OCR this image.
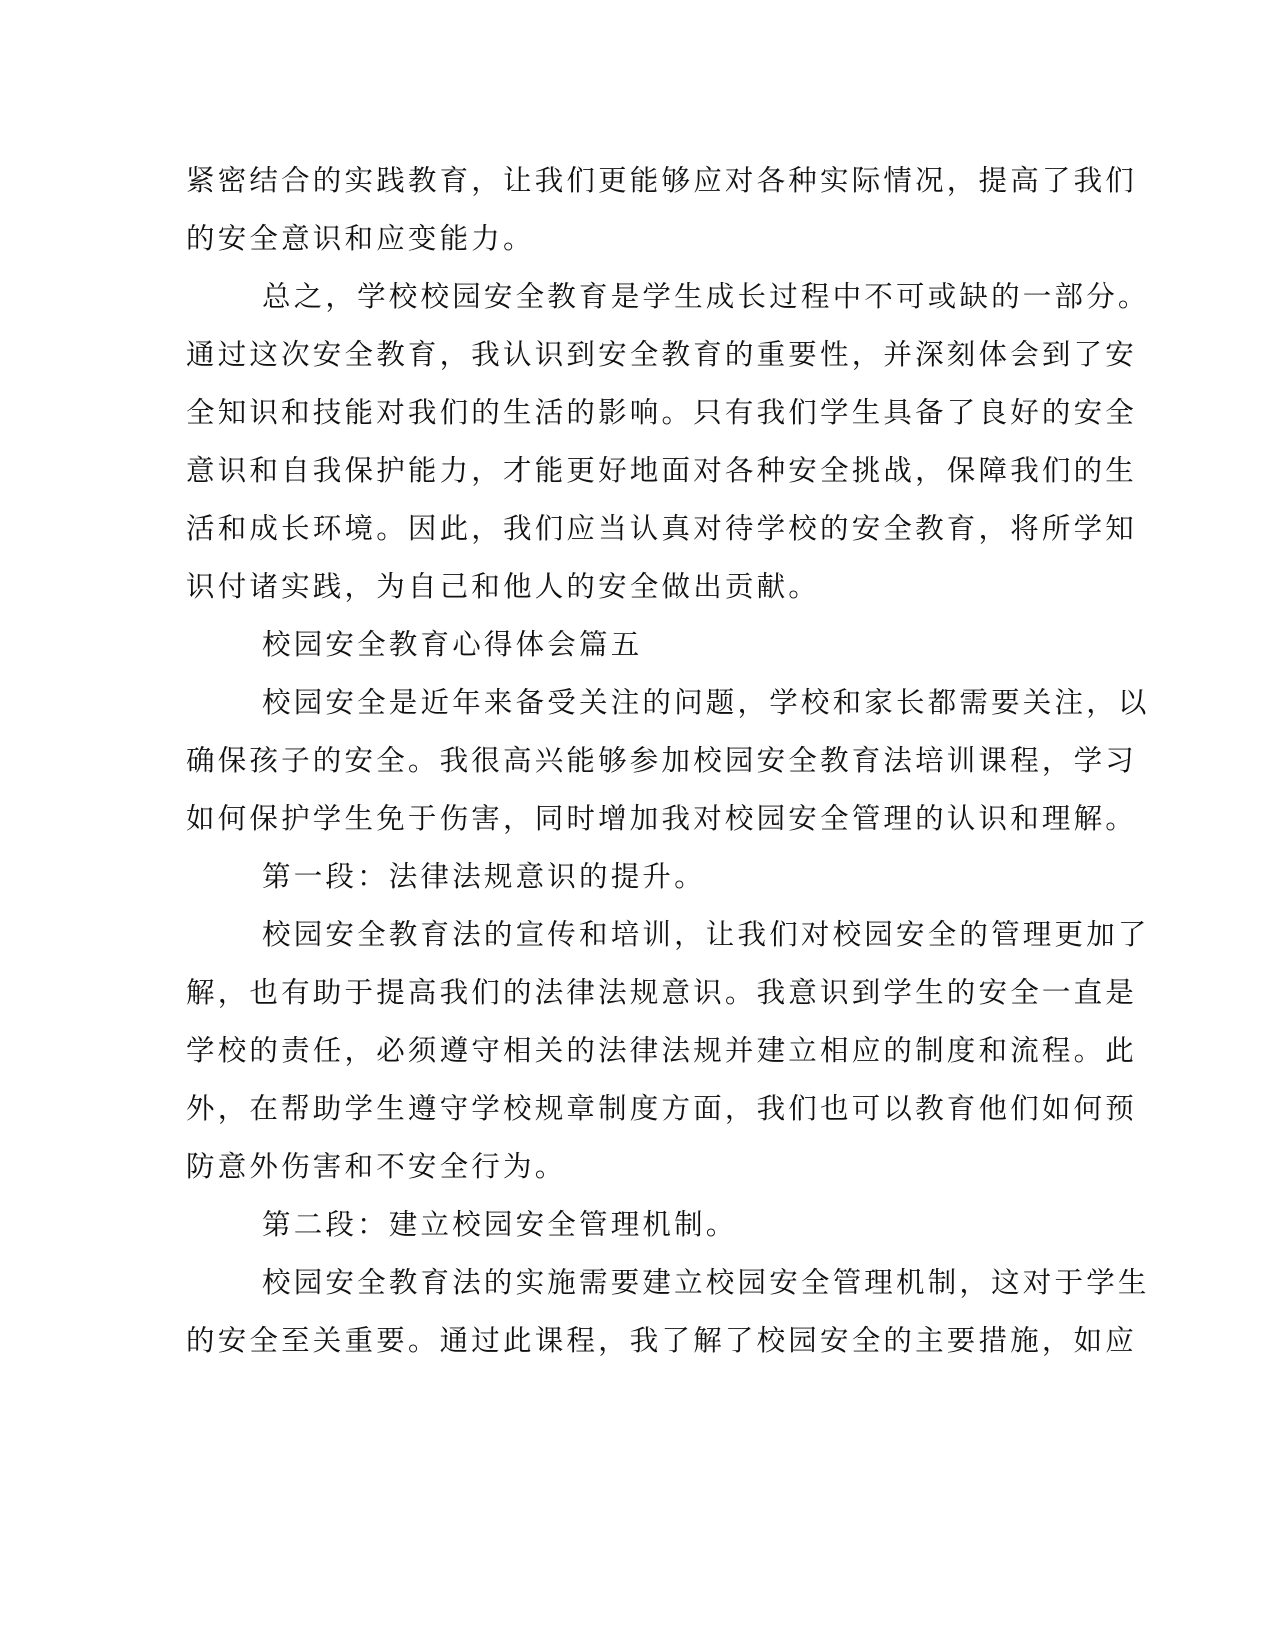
紧密结合的实践教育，让我们更能够应对各种实际情况，提高了我们
的安全意识和应变能力。
总之，学校校园安全教育是学生成长过程中不可或缺的一部分。
通过这次安全教育，我认识到安全教育的重要性，并深刻体会到了安
全知识和技能对我们的生活的影响。只有我们学生具备了良好的安全
意识和自我保护能力，才能更好地面对各种安全挑战，保障我们的生
活和成长环境。因此，我们应当认真对待学校的安全教育，将所学知
识付诸实践，为自己和他人的安全做出贡献。
校园安全教育心得体会篇五
校园安全是近年来备受关注的问题，学校和家长都需要关注，以
确保孩子的安全。我很高兴能够参加校园安全教育法培训课程，学习
如何保护学生免于伤害，同时增加我对校园安全管理的认识和理解。
第一段：法律法规意识的提升。
校园安全教育法的宣传和培训，让我们对校园安全的管理更加了
解，也有助于提高我们的法律法规意识。我意识到学生的安全一直是
学校的责任，必须遵守相关的法律法规并建立相应的制度和流程。此
外，在帮助学生遵守学校规章制度方面，我们也可以教育他们如何预
防意外伤害和不安全行为。
第二段：建立校园安全管理机制。
校园安全教育法的实施需要建立校园安全管理机制，这对于学生
的安全至关重要。通过此课程，我了解了校园安全的主要措施，如应
